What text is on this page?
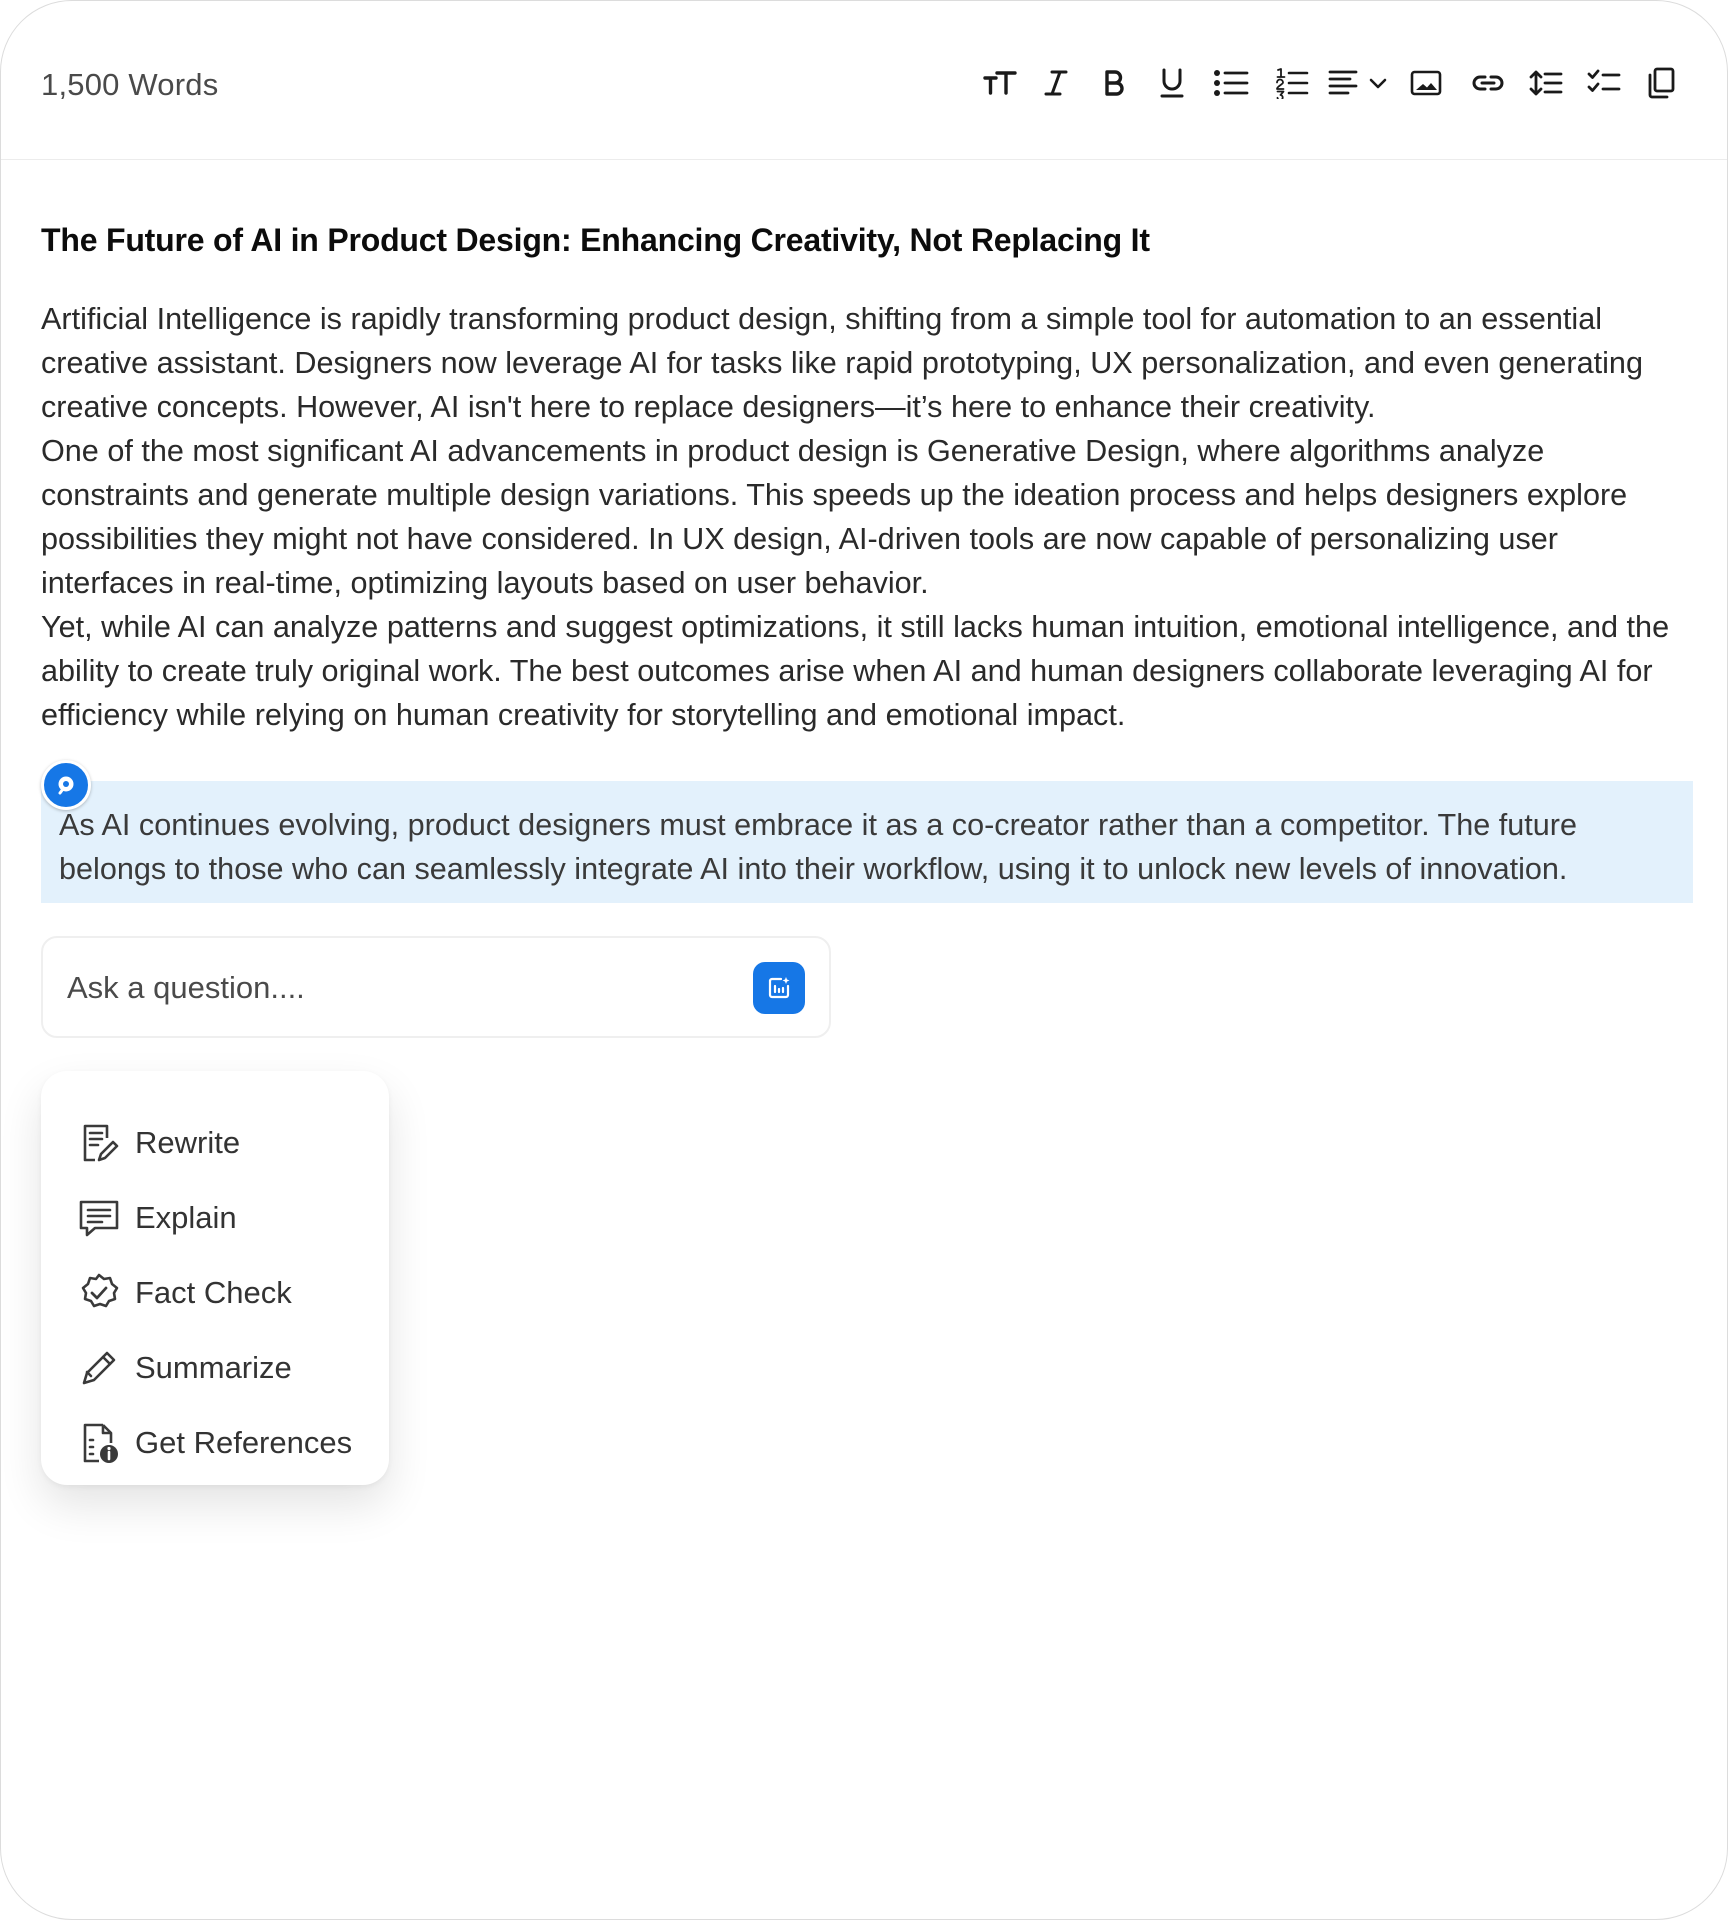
1,500 Words
The Future of AI in Product Design: Enhancing Creativity, Not Replacing It

Artificial Intelligence is rapidly transforming product design, shifting from a simple tool for automation to an essential creative assistant. Designers now leverage AI for tasks like rapid prototyping, UX personalization, and even generating creative concepts. However, AI isn't here to replace designers—it’s here to enhance their creativity.

One of the most significant AI advancements in product design is Generative Design, where algorithms analyze constraints and generate multiple design variations. This speeds up the ideation process and helps designers explore possibilities they might not have considered. In UX design, AI-driven tools are now capable of personalizing user interfaces in real-time, optimizing layouts based on user behavior.

Yet, while AI can analyze patterns and suggest optimizations, it still lacks human intuition, emotional intelligence, and the ability to create truly original work. The best outcomes arise when AI and human designers collaborate leveraging AI for efficiency while relying on human creativity for storytelling and emotional impact.

As AI continues evolving, product designers must embrace it as a co-creator rather than a competitor. The future belongs to those who can seamlessly integrate AI into their workflow, using it to unlock new levels of innovation.
Ask a question....
Rewrite
Explain
Fact Check
Summarize
Get References
